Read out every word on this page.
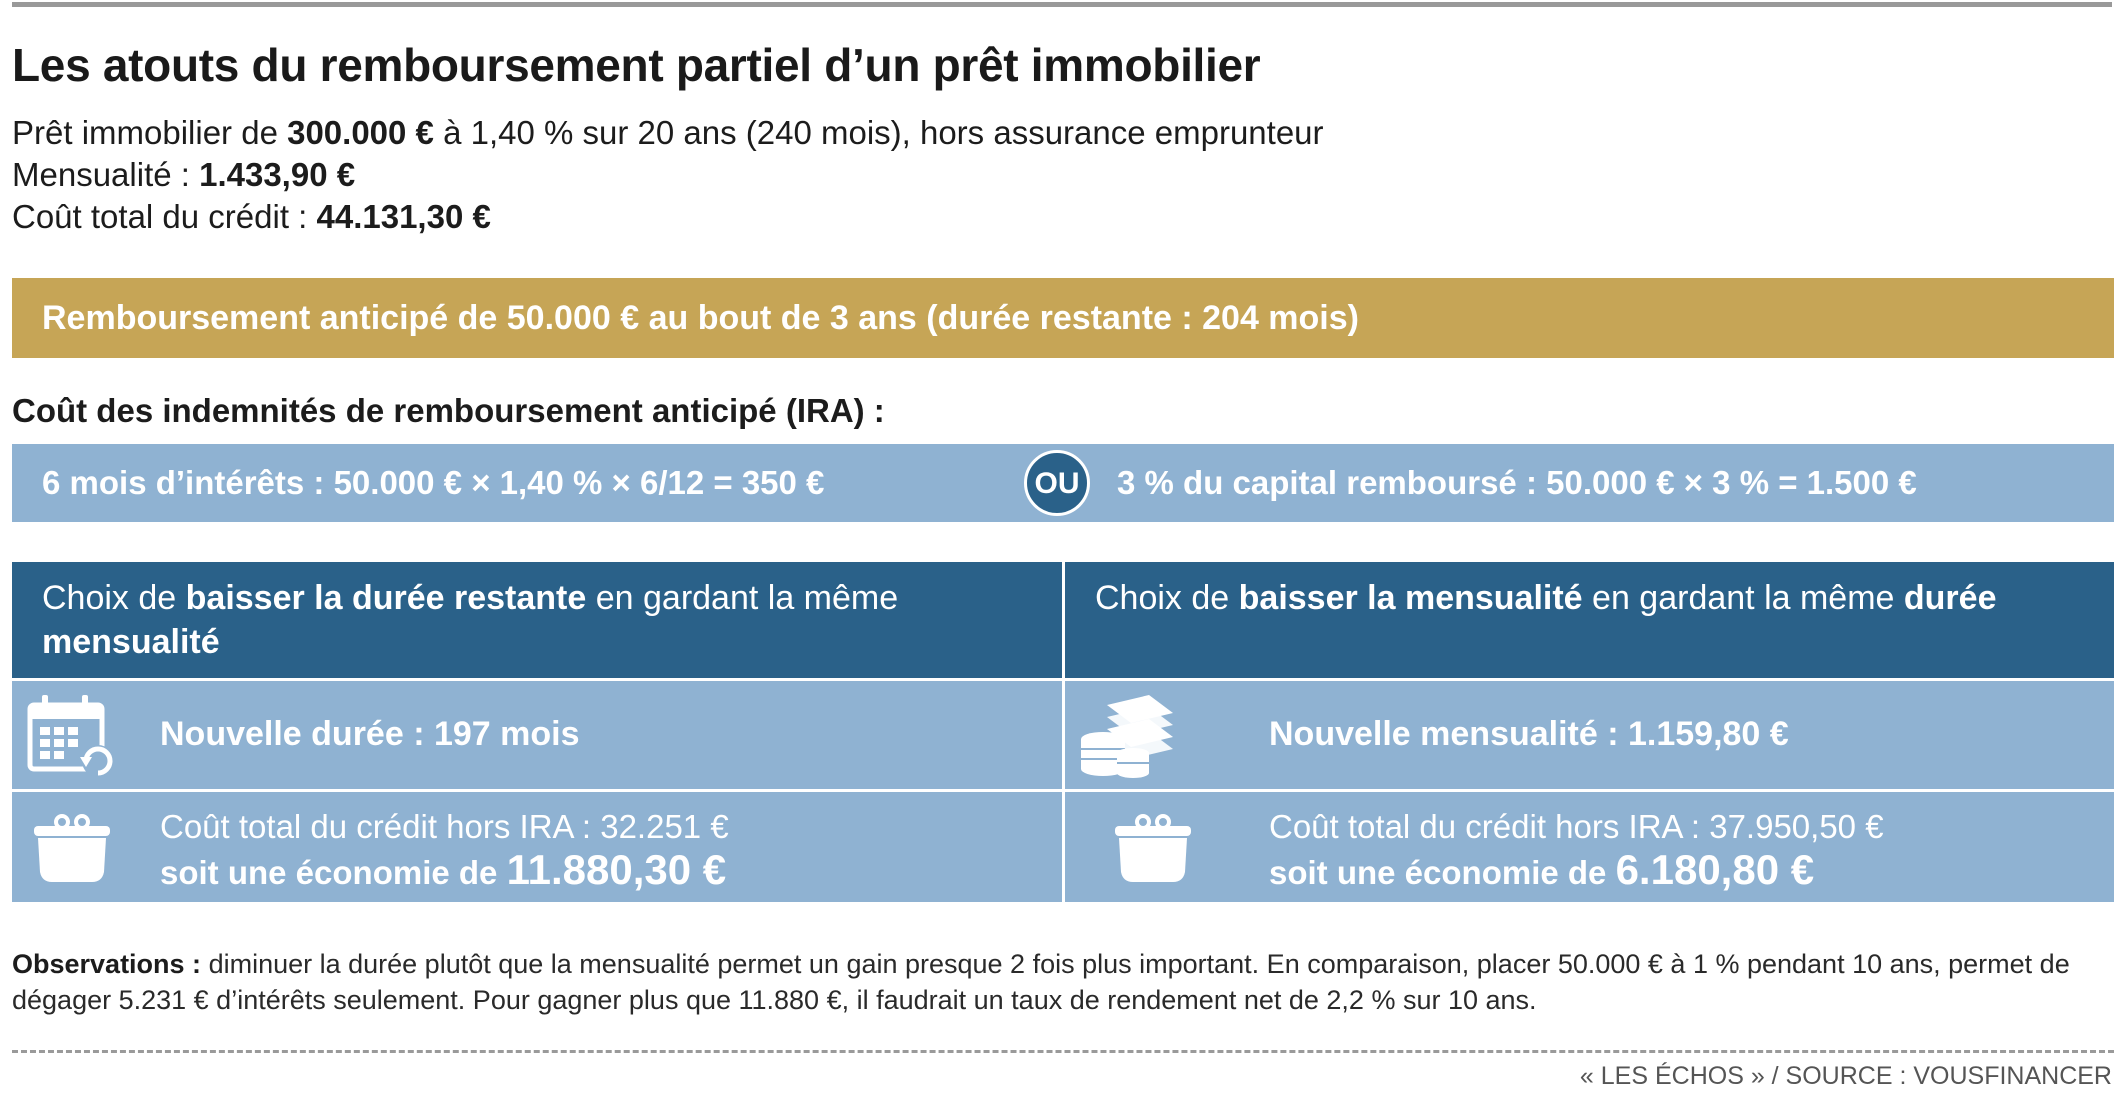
Les atouts du remboursement partiel d’un prêt immobilier
Prêt immobilier de 300.000 € à 1,40 % sur 20 ans (240 mois), hors assurance emprunteur
Mensualité : 1.433,90 €
Coût total du crédit : 44.131,30 €
Remboursement anticipé de 50.000 € au bout de 3 ans (durée restante : 204 mois)
Coût des indemnités de remboursement anticipé (IRA) :
6 mois d’intérêts : 50.000 € × 1,40 % × 6/12 = 350 €	OU 3 % du capital remboursé : 50.000 € × 3 % = 1.500 €
Choix de baisser la durée restante en gardant la même mensualité
Nouvelle durée : 197 mois
Coût total du crédit hors IRA : 32.251 €
soit une économie de 11.880,30 €
Choix de baisser la mensualité en gardant la même durée
Nouvelle mensualité : 1.159,80 €
Coût total du crédit hors IRA : 37.950,50 €
soit une économie de 6.180,80 €
Observations : diminuer la durée plutôt que la mensualité permet un gain presque 2 fois plus important. En comparaison, placer 50.000 € à 1 % pendant 10 ans, permet de dégager 5.231 € d’intérêts seulement. Pour gagner plus que 11.880 €, il faudrait un taux de rendement net de 2,2 % sur 10 ans.
« LES ÉCHOS » / SOURCE : VOUSFINANCER
